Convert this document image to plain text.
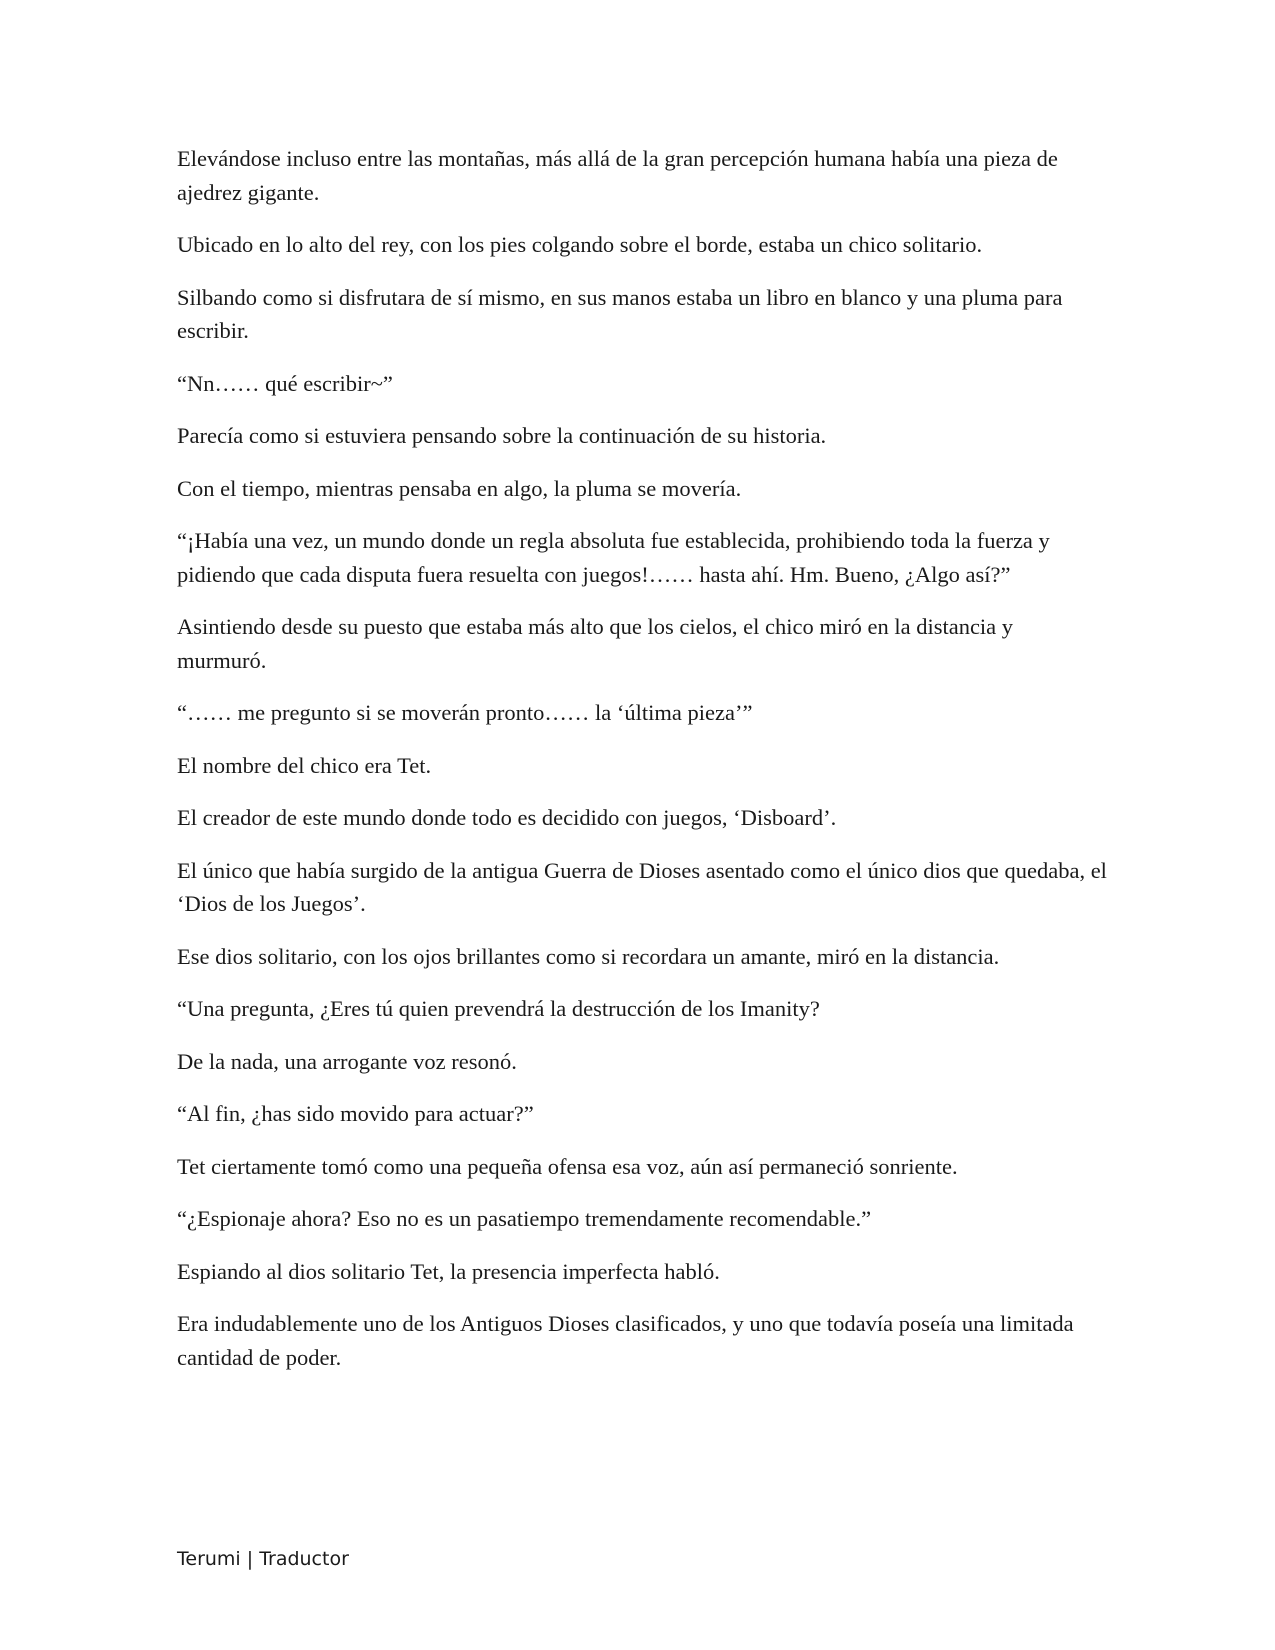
Elevándose incluso entre las montañas, más allá de la gran percepción humana había una pieza de ajedrez gigante.

Ubicado en lo alto del rey, con los pies colgando sobre el borde, estaba un chico solitario.

Silbando como si disfrutara de sí mismo, en sus manos estaba un libro en blanco y una pluma para escribir.

“Nn…… qué escribir~”

Parecía como si estuviera pensando sobre la continuación de su historia.

Con el tiempo, mientras pensaba en algo, la pluma se movería.

“¡Había una vez, un mundo donde un regla absoluta fue establecida, prohibiendo toda la fuerza y pidiendo que cada disputa fuera resuelta con juegos!…… hasta ahí. Hm. Bueno, ¿Algo así?”

Asintiendo desde su puesto que estaba más alto que los cielos, el chico miró en la distancia y murmuró.

“…… me pregunto si se moverán pronto…… la ‘última pieza’”

El nombre del chico era Tet.

El creador de este mundo donde todo es decidido con juegos, ‘Disboard’.

El único que había surgido de la antigua Guerra de Dioses asentado como el único dios que quedaba, el ‘Dios de los Juegos’.

Ese dios solitario, con los ojos brillantes como si recordara un amante, miró en la distancia.

“Una pregunta, ¿Eres tú quien prevendrá la destrucción de los Imanity?

De la nada, una arrogante voz resonó.

“Al fin, ¿has sido movido para actuar?”

Tet ciertamente tomó como una pequeña ofensa esa voz, aún así permaneció sonriente.

“¿Espionaje ahora? Eso no es un pasatiempo tremendamente recomendable.”

Espiando al dios solitario Tet, la presencia imperfecta habló.

Era indudablemente uno de los Antiguos Dioses clasificados, y uno que todavía poseía una limitada cantidad de poder.

Terumi | Traductor
